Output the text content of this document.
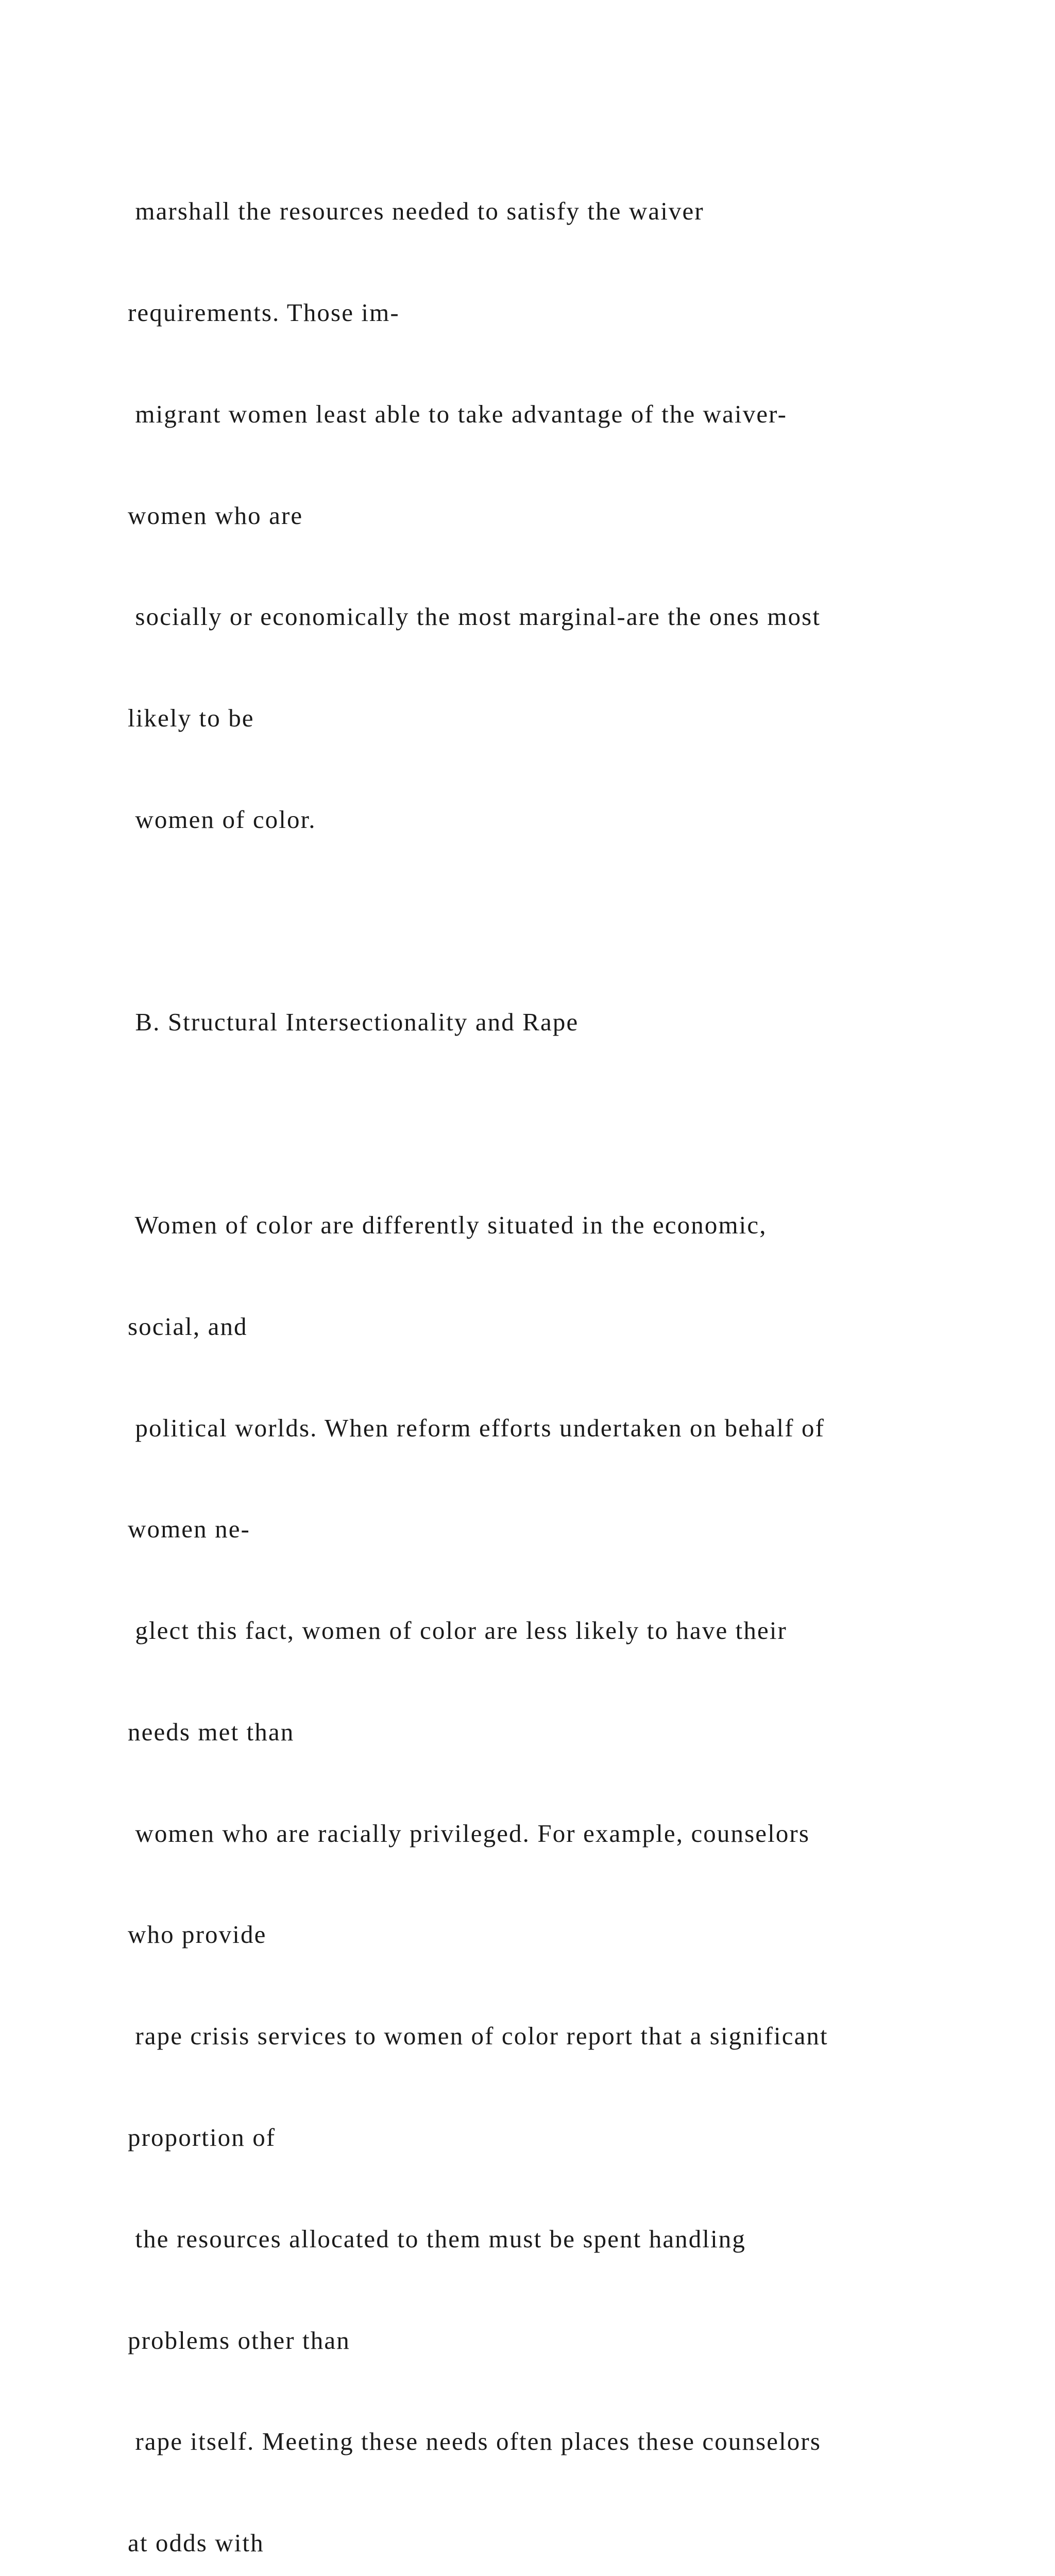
marshall the resources needed to satisfy the waiver

requirements. Those im-

migrant women least able to take advantage of the waiver-

women who are

socially or economically the most marginal-are the ones most

likely to be

women of color.

B. Structural Intersectionality and Rape

Women of color are differently situated in the economic,

social, and

political worlds. When reform efforts undertaken on behalf of

women ne-

glect this fact, women of color are less likely to have their

needs met than

women who are racially privileged. For example, counselors

who provide

rape crisis services to women of color report that a significant

proportion of

the resources allocated to them must be spent handling

problems other than

rape itself. Meeting these needs often places these counselors

at odds with
